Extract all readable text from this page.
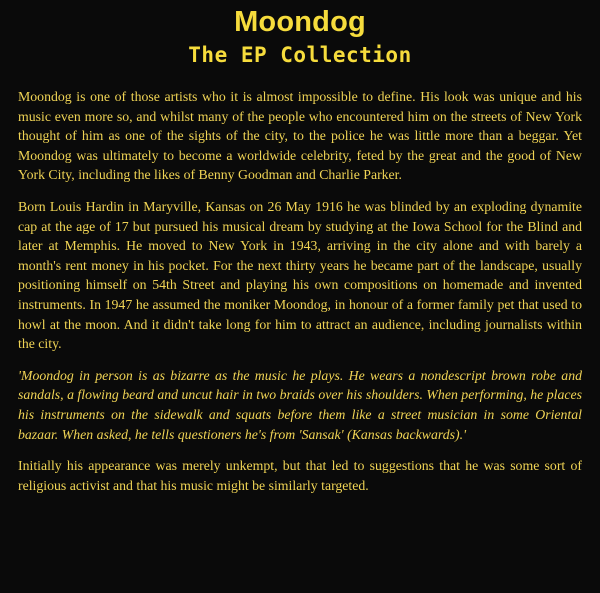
Moondog
The EP Collection

Moondog is one of those artists who it is almost impossible to define. His look was unique and his music even more so, and whilst many of the people who encountered him on the streets of New York thought of him as one of the sights of the city, to the police he was little more than a beggar. Yet Moondog was ultimately to become a worldwide celebrity, feted by the great and the good of New York City, including the likes of Benny Goodman and Charlie Parker.

Born Louis Hardin in Maryville, Kansas on 26 May 1916 he was blinded by an exploding dynamite cap at the age of 17 but pursued his musical dream by studying at the Iowa School for the Blind and later at Memphis. He moved to New York in 1943, arriving in the city alone and with barely a month's rent money in his pocket. For the next thirty years he became part of the landscape, usually positioning himself on 54th Street and playing his own compositions on homemade and invented instruments. In 1947 he assumed the moniker Moondog, in honour of a former family pet that used to howl at the moon. And it didn't take long for him to attract an audience, including journalists within the city.

'Moondog in person is as bizarre as the music he plays. He wears a nondescript brown robe and sandals, a flowing beard and uncut hair in two braids over his shoulders. When performing, he places his instruments on the sidewalk and squats before them like a street musician in some Oriental bazaar. When asked, he tells questioners he's from 'Sansak' (Kansas backwards).'

Initially his appearance was merely unkempt, but that led to suggestions that he was some sort of religious activist and that his music might be similarly targeted.
